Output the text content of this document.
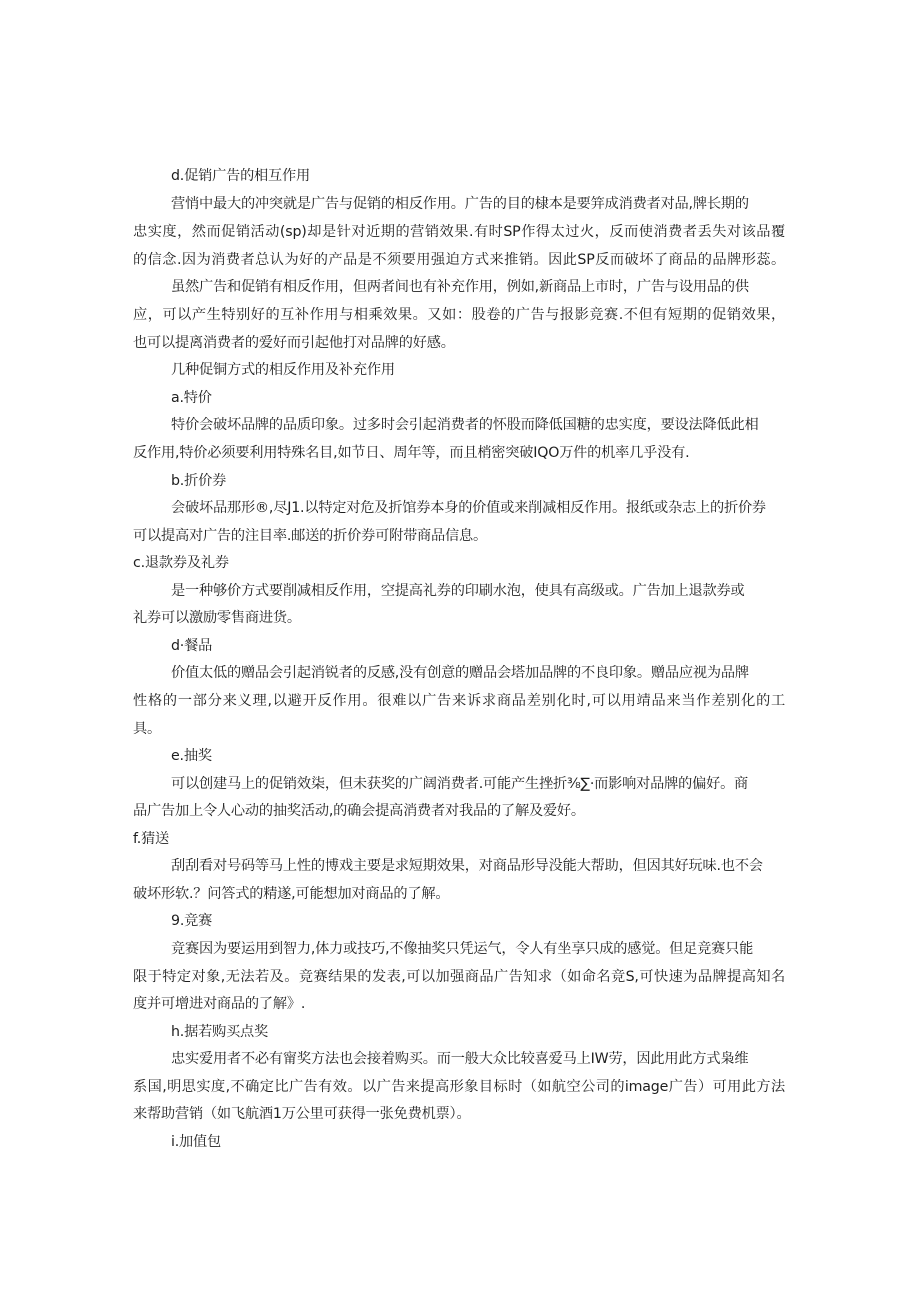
d.促销广告的相互作用
营悄中最大的冲突就是广告与促销的相反作用。广告的目的棣本是要笄成消费者对品,牌长期的
忠实度，然而促销活动(sp)却是针对近期的营销效果.有时SP作得太过火，反而使消费者丢失对该品覆
的信念.因为消费者总认为好的产品是不须要用强迫方式来推销。因此SP反而破坏了商品的品牌形蕊。
虽然广告和促销有相反作用，但两者间也有补充作用，例如,新商品上市时，广告与设用品的供
应，可以产生特别好的互补作用与相乘效果。又如：股卷的广告与报影竞赛.不但有短期的促销效果，
也可以提离消费者的爱好而引起他打对品牌的好感。
几种促铜方式的相反作用及补充作用
a.特价
特价会破坏品牌的品质印象。过多时会引起消费者的怀股而降低国糖的忠实度，要设法降低此相
反作用,特价必须要利用特殊名目,如节日、周年等，而且梢密突破IQO万件的机率几乎没有.
b.折价券
会破坏品那形®,尽J1.以特定对危及折馆券本身的价值或来削减相反作用。报纸或杂志上的折价券
可以提高对广告的注目率.邮送的折价券可附带商品信息。
c.退款券及礼券
是一种够价方式要削减相反作用，空提高礼券的印刷水泡，使具有高级或。广告加上退款券或
礼券可以激励零售商进货。
d·餐品
价值太低的赠品会引起消锐者的反感,没有创意的赠品会塔加品牌的不良印象。赠品应视为品牌
性格的一部分来义理,以避开反作用。很难以广告来诉求商品差别化时,可以用靖品来当作差别化的工
具。
e.抽奖
可以创建马上的促销效柒，但未获奖的广阔消费者.可能产生挫折⅜∑·而影响对品牌的偏好。商
品广告加上令人心动的抽奖活动,的确会提高消费者对我品的了解及爱好。
f.猜送
刮刮看对号码等马上性的博戏主要是求短期效果，对商品形导没能大帮助，但因其好玩味.也不会
破坏形软.？问答式的精遂,可能想加对商品的了解。
9.竞赛
竞赛因为要运用到智力,体力或技巧,不像抽奖只凭运气，令人有坐享只成的感觉。但足竞赛只能
限于特定对象,无法若及。竞赛结果的发表,可以加强商品广告知求（如命名竞S,可快速为品牌提高知名
度并可增进对商品的了解》.
h.据若购买点奖
忠实爱用者不必有甯奖方法也会接着购买。而一般大众比较喜爱马上IW劳，因此用此方式枭维
系国,明思实度,不确定比广告有效。以广告来提高形象目标时（如航空公司的image广告）可用此方法
来帮助营销（如飞航酒1万公里可获得一张免费机票）。
i.加值包
